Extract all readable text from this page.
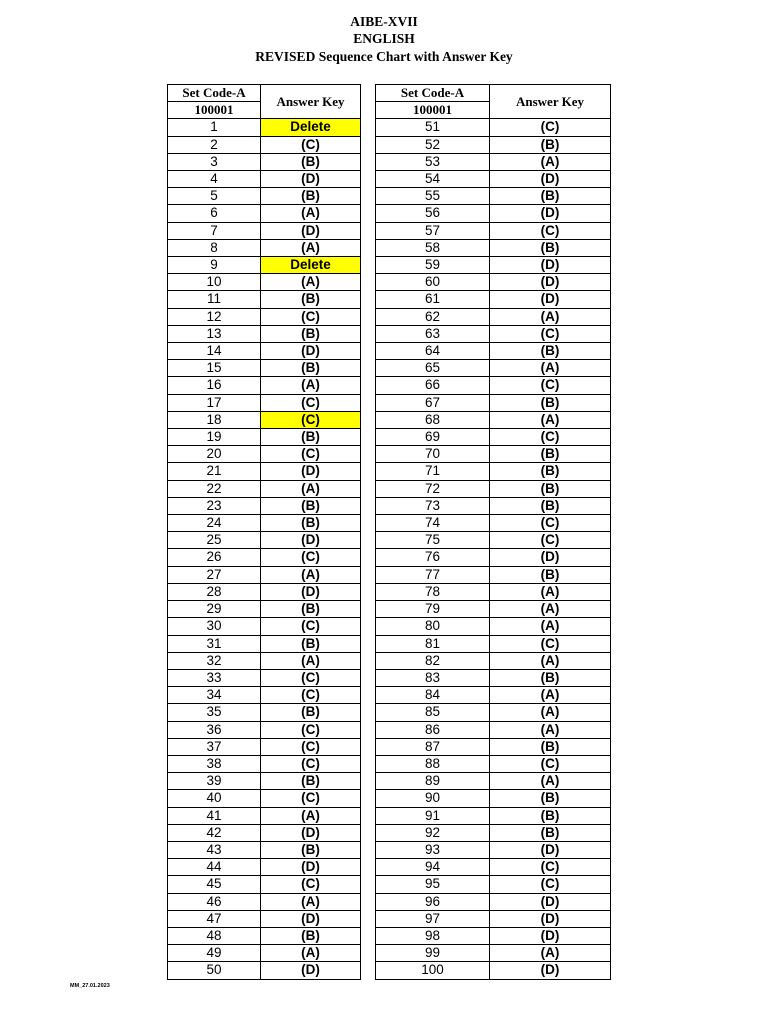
AIBE-XVII
ENGLISH
REVISED Sequence Chart with Answer Key
Set Code-A	Answer Key
100001	
1	Delete
2	(C)
3	(B)
4	(D)
5	(B)
6	(A)
7	(D)
8	(A)
9	Delete
10	(A)
11	(B)
12	(C)
13	(B)
14	(D)
15	(B)
16	(A)
17	(C)
18	(C)
19	(B)
20	(C)
21	(D)
22	(A)
23	(B)
24	(B)
25	(D)
26	(C)
27	(A)
28	(D)
29	(B)
30	(C)
31	(B)
32	(A)
33	(C)
34	(C)
35	(B)
36	(C)
37	(C)
38	(C)
39	(B)
40	(C)
41	(A)
42	(D)
43	(B)
44	(D)
45	(C)
46	(A)
47	(D)
48	(B)
49	(A)
50	(D)
Set Code-A	Answer Key
100001	
51	(C)
52	(B)
53	(A)
54	(D)
55	(B)
56	(D)
57	(C)
58	(B)
59	(D)
60	(D)
61	(D)
62	(A)
63	(C)
64	(B)
65	(A)
66	(C)
67	(B)
68	(A)
69	(C)
70	(B)
71	(B)
72	(B)
73	(B)
74	(C)
75	(C)
76	(D)
77	(B)
78	(A)
79	(A)
80	(A)
81	(C)
82	(A)
83	(B)
84	(A)
85	(A)
86	(A)
87	(B)
88	(C)
89	(A)
90	(B)
91	(B)
92	(B)
93	(D)
94	(C)
95	(C)
96	(D)
97	(D)
98	(D)
99	(A)
100	(D)
MM_27.01.2023
